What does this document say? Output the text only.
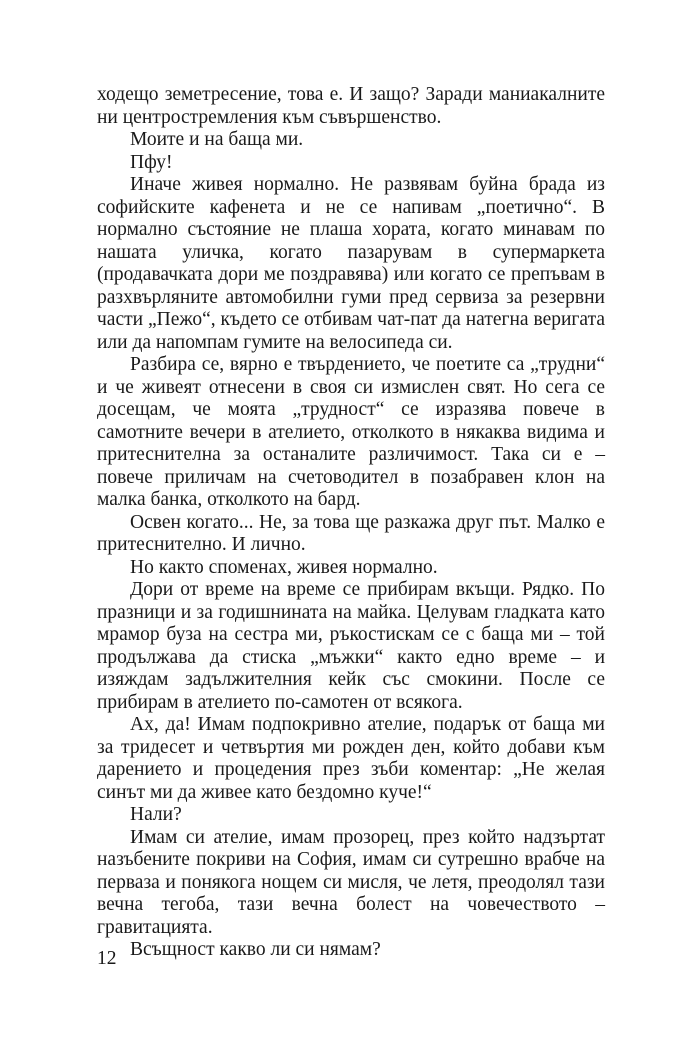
ходещо земетресение, това е. И защо? Заради маниакалните ни центростремления към съвършенство.

Моите и на баща ми.

Пфу!

Иначе живея нормално. Не развявам буйна брада из софийските кафенета и не се напивам „поетично“. В нормално състояние не плаша хората, когато минавам по нашата уличка, когато пазарувам в супермаркета (продавачката дори ме поздравява) или когато се препъвам в разхвърляните автомобилни гуми пред сервиза за резервни части „Пежо“, където се отбивам чат-пат да натегна веригата или да напомпам гумите на велосипеда си.

Разбира се, вярно е твърдението, че поетите са „трудни“ и че живеят отнесени в своя си измислен свят. Но сега се досещам, че моята „трудност“ се изразява повече в самотните вечери в ателието, отколкото в някаква видима и притеснителна за останалите различимост. Така си е – повече приличам на счетоводител в позабравен клон на малка банка, отколкото на бард.

Освен когато... Не, за това ще разкажа друг път. Малко е притеснително. И лично.

Но както споменах, живея нормално.

Дори от време на време се прибирам вкъщи. Рядко. По празници и за годишнината на майка. Целувам гладката като мрамор буза на сестра ми, ръкостискам се с баща ми – той продължава да стиска „мъжки“ както едно време – и изяждам задължителния кейк със смокини. После се прибирам в ателието по-самотен от всякога.

Ах, да! Имам подпокривно ателие, подарък от баща ми за тридесет и четвъртия ми рожден ден, който добави към дарението и процедения през зъби коментар: „Не желая синът ми да живее като бездомно куче!“

Нали?

Имам си ателие, имам прозорец, през който надзъртат назъбените покриви на София, имам си сутрешно врабче на перваза и понякога нощем си мисля, че летя, преодолял тази вечна тегоба, тази вечна болест на човечеството – гравитацията.

Всъщност какво ли си нямам?

12
